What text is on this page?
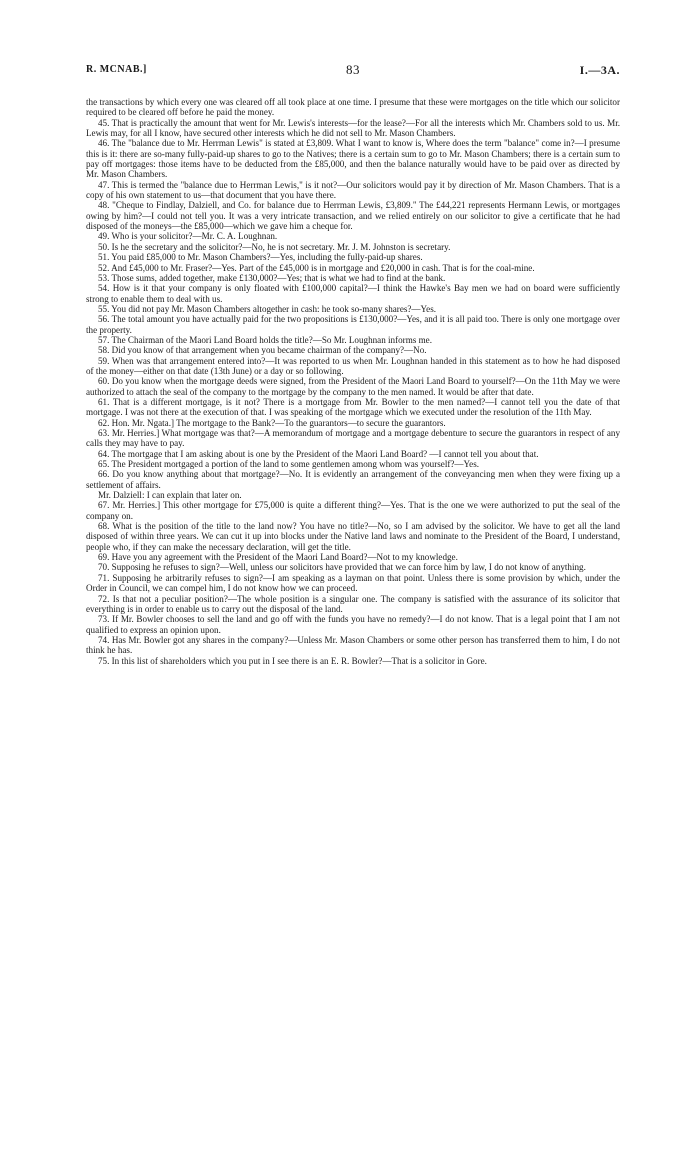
R. MCNAB.]	83	I.—3A.

the transactions by which every one was cleared off all took place at one time. I presume that these were mortgages on the title which our solicitor required to be cleared off before he paid the money.

45. That is practically the amount that went for Mr. Lewis's interests—for the lease?—For all the interests which Mr. Chambers sold to us. Mr. Lewis may, for all I know, have secured other interests which he did not sell to Mr. Mason Chambers.

46. The "balance due to Mr. Herrman Lewis" is stated at £3,809. What I want to know is, Where does the term "balance" come in?—I presume this is it: there are so-many fully-paid-up shares to go to the Natives; there is a certain sum to go to Mr. Mason Chambers; there is a certain sum to pay off mortgages: those items have to be deducted from the £85,000, and then the balance naturally would have to be paid over as directed by Mr. Mason Chambers.

47. This is termed the "balance due to Herrman Lewis," is it not?—Our solicitors would pay it by direction of Mr. Mason Chambers. That is a copy of his own statement to us—that document that you have there.

48. "Cheque to Findlay, Dalziell, and Co. for balance due to Herrman Lewis, £3,809." The £44,221 represents Hermann Lewis, or mortgages owing by him?—I could not tell you. It was a very intricate transaction, and we relied entirely on our solicitor to give a certificate that he had disposed of the moneys—the £85,000—which we gave him a cheque for.

49. Who is your solicitor?—Mr. C. A. Loughnan.

50. Is he the secretary and the solicitor?—No, he is not secretary. Mr. J. M. Johnston is secretary.

51. You paid £85,000 to Mr. Mason Chambers?—Yes, including the fully-paid-up shares.

52. And £45,000 to Mr. Fraser?—Yes. Part of the £45,000 is in mortgage and £20,000 in cash. That is for the coal-mine.

53. Those sums, added together, make £130,000?—Yes; that is what we had to find at the bank.

54. How is it that your company is only floated with £100,000 capital?—I think the Hawke's Bay men we had on board were sufficiently strong to enable them to deal with us.

55. You did not pay Mr. Mason Chambers altogether in cash: he took so-many shares?—Yes.

56. The total amount you have actually paid for the two propositions is £130,000?—Yes, and it is all paid too. There is only one mortgage over the property.

57. The Chairman of the Maori Land Board holds the title?—So Mr. Loughnan informs me.

58. Did you know of that arrangement when you became chairman of the company?—No.

59. When was that arrangement entered into?—It was reported to us when Mr. Loughnan handed in this statement as to how he had disposed of the money—either on that date (13th June) or a day or so following.

60. Do you know when the mortgage deeds were signed, from the President of the Maori Land Board to yourself?—On the 11th May we were authorized to attach the seal of the company to the mortgage by the company to the men named. It would be after that date.

61. That is a different mortgage, is it not? There is a mortgage from Mr. Bowler to the men named?—I cannot tell you the date of that mortgage. I was not there at the execution of that. I was speaking of the mortgage which we executed under the resolution of the 11th May.

62. Hon. Mr. Ngata.] The mortgage to the Bank?—To the guarantors—to secure the guarantors.

63. Mr. Herries.] What mortgage was that?—A memorandum of mortgage and a mortgage debenture to secure the guarantors in respect of any calls they may have to pay.

64. The mortgage that I am asking about is one by the President of the Maori Land Board? —I cannot tell you about that.

65. The President mortgaged a portion of the land to some gentlemen among whom was yourself?—Yes.

66. Do you know anything about that mortgage?—No. It is evidently an arrangement of the conveyancing men when they were fixing up a settlement of affairs.

Mr. Dalziell: I can explain that later on.

67. Mr. Herries.] This other mortgage for £75,000 is quite a different thing?—Yes. That is the one we were authorized to put the seal of the company on.

68. What is the position of the title to the land now? You have no title?—No, so I am advised by the solicitor. We have to get all the land disposed of within three years. We can cut it up into blocks under the Native land laws and nominate to the President of the Board, I understand, people who, if they can make the necessary declaration, will get the title.

69. Have you any agreement with the President of the Maori Land Board?—Not to my knowledge.

70. Supposing he refuses to sign?—Well, unless our solicitors have provided that we can force him by law, I do not know of anything.

71. Supposing he arbitrarily refuses to sign?—I am speaking as a layman on that point. Unless there is some provision by which, under the Order in Council, we can compel him, I do not know how we can proceed.

72. Is that not a peculiar position?—The whole position is a singular one. The company is satisfied with the assurance of its solicitor that everything is in order to enable us to carry out the disposal of the land.

73. If Mr. Bowler chooses to sell the land and go off with the funds you have no remedy?—I do not know. That is a legal point that I am not qualified to express an opinion upon.

74. Has Mr. Bowler got any shares in the company?—Unless Mr. Mason Chambers or some other person has transferred them to him, I do not think he has.

75. In this list of shareholders which you put in I see there is an E. R. Bowler?—That is a solicitor in Gore.
